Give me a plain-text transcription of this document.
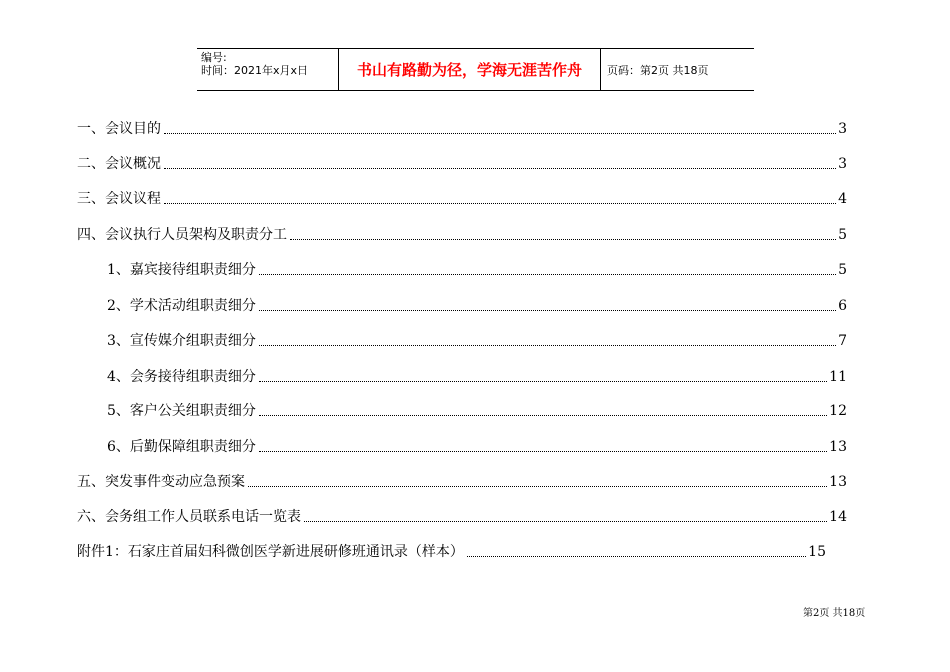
编号:
时间：2021年x月x日	书山有路勤为径，学海无涯苦作舟	页码：第2页 共18页
一、会议目的	3
二、会议概况	3
三、会议议程	4
四、会议执行人员架构及职责分工	5
1、嘉宾接待组职责细分	5
2、学术活动组职责细分	6
3、宣传媒介组职责细分	7
4、会务接待组职责细分	11
5、客户公关组职责细分	12
6、后勤保障组职责细分	13
五、突发事件变动应急预案	13
六、会务组工作人员联系电话一览表	14
附件1：石家庄首届妇科微创医学新进展研修班通讯录（样本）	15
第2页 共18页
